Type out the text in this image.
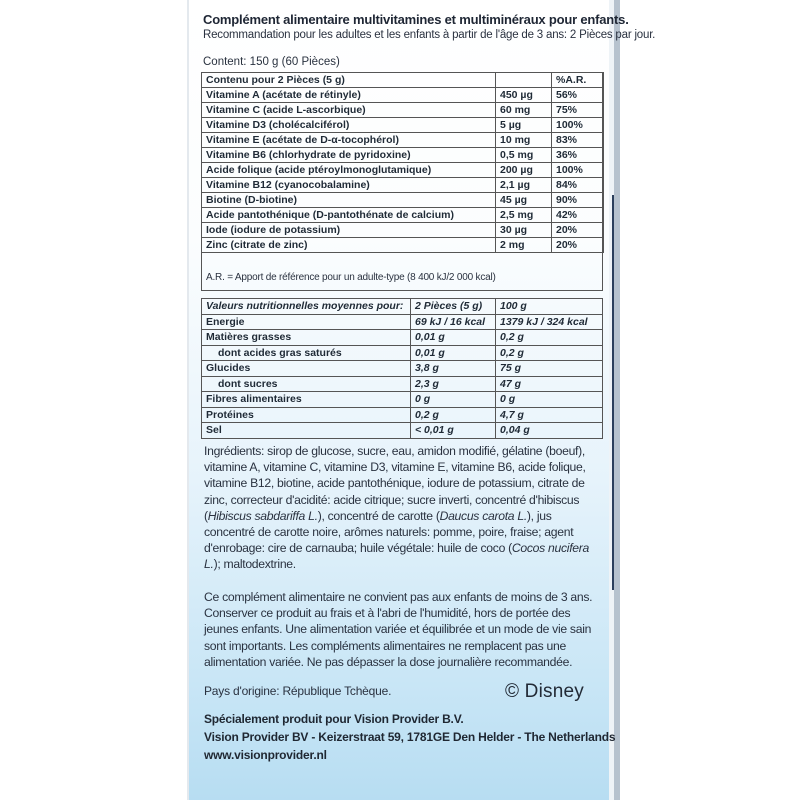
Complément alimentaire multivitamines et multiminéraux pour enfants.
Recommandation pour les adultes et les enfants à partir de l'âge de 3 ans: 2 Pièces par jour.
Content: 150 g (60 Pièces)
Contenu pour 2 Pièces (5 g)		%A.R.
Vitamine A (acétate de rétinyle)	450 µg	56%
Vitamine C (acide L-ascorbique)	60 mg	75%
Vitamine D3 (cholécalciférol)	5 µg	100%
Vitamine E (acétate de D-α-tocophérol)	10 mg	83%
Vitamine B6 (chlorhydrate de pyridoxine)	0,5 mg	36%
Acide folique (acide ptéroylmonoglutamique)	200 µg	100%
Vitamine B12 (cyanocobalamine)	2,1 µg	84%
Biotine (D-biotine)	45 µg	90%
Acide pantothénique (D-pantothénate de calcium)	2,5 mg	42%
Iode (iodure de potassium)	30 µg	20%
Zinc (citrate de zinc)	2 mg	20%
A.R. = Apport de référence pour un adulte-type (8 400 kJ/2 000 kcal)
Valeurs nutritionnelles moyennes pour:	2 Pièces (5 g)	100 g
Energie	69 kJ / 16 kcal	1379 kJ / 324 kcal
Matières grasses	0,01 g	0,2 g
dont acides gras saturés	0,01 g	0,2 g
Glucides	3,8 g	75 g
dont sucres	2,3 g	47 g
Fibres alimentaires	0 g	0 g
Protéines	0,2 g	4,7 g
Sel	< 0,01 g	0,04 g
Ingrédients: sirop de glucose, sucre, eau, amidon modifié, gélatine (boeuf), vitamine A, vitamine C, vitamine D3, vitamine E, vitamine B6, acide folique, vitamine B12, biotine, acide pantothénique, iodure de potassium, citrate de zinc, correcteur d'acidité: acide citrique; sucre inverti, concentré d'hibiscus (Hibiscus sabdariffa L.), concentré de carotte (Daucus carota L.), jus concentré de carotte noire, arômes naturels: pomme, poire, fraise; agent d'enrobage: cire de carnauba; huile végétale: huile de coco (Cocos nucifera L.); maltodextrine.
Ce complément alimentaire ne convient pas aux enfants de moins de 3 ans. Conserver ce produit au frais et à l'abri de l'humidité, hors de portée des jeunes enfants. Une alimentation variée et équilibrée et un mode de vie sain sont importants. Les compléments alimentaires ne remplacent pas une alimentation variée. Ne pas dépasser la dose journalière recommandée.
Pays d'origine: République Tchèque.	© Disney
Spécialement produit pour Vision Provider B.V.
Vision Provider BV - Keizerstraat 59, 1781GE Den Helder - The Netherlands
www.visionprovider.nl
